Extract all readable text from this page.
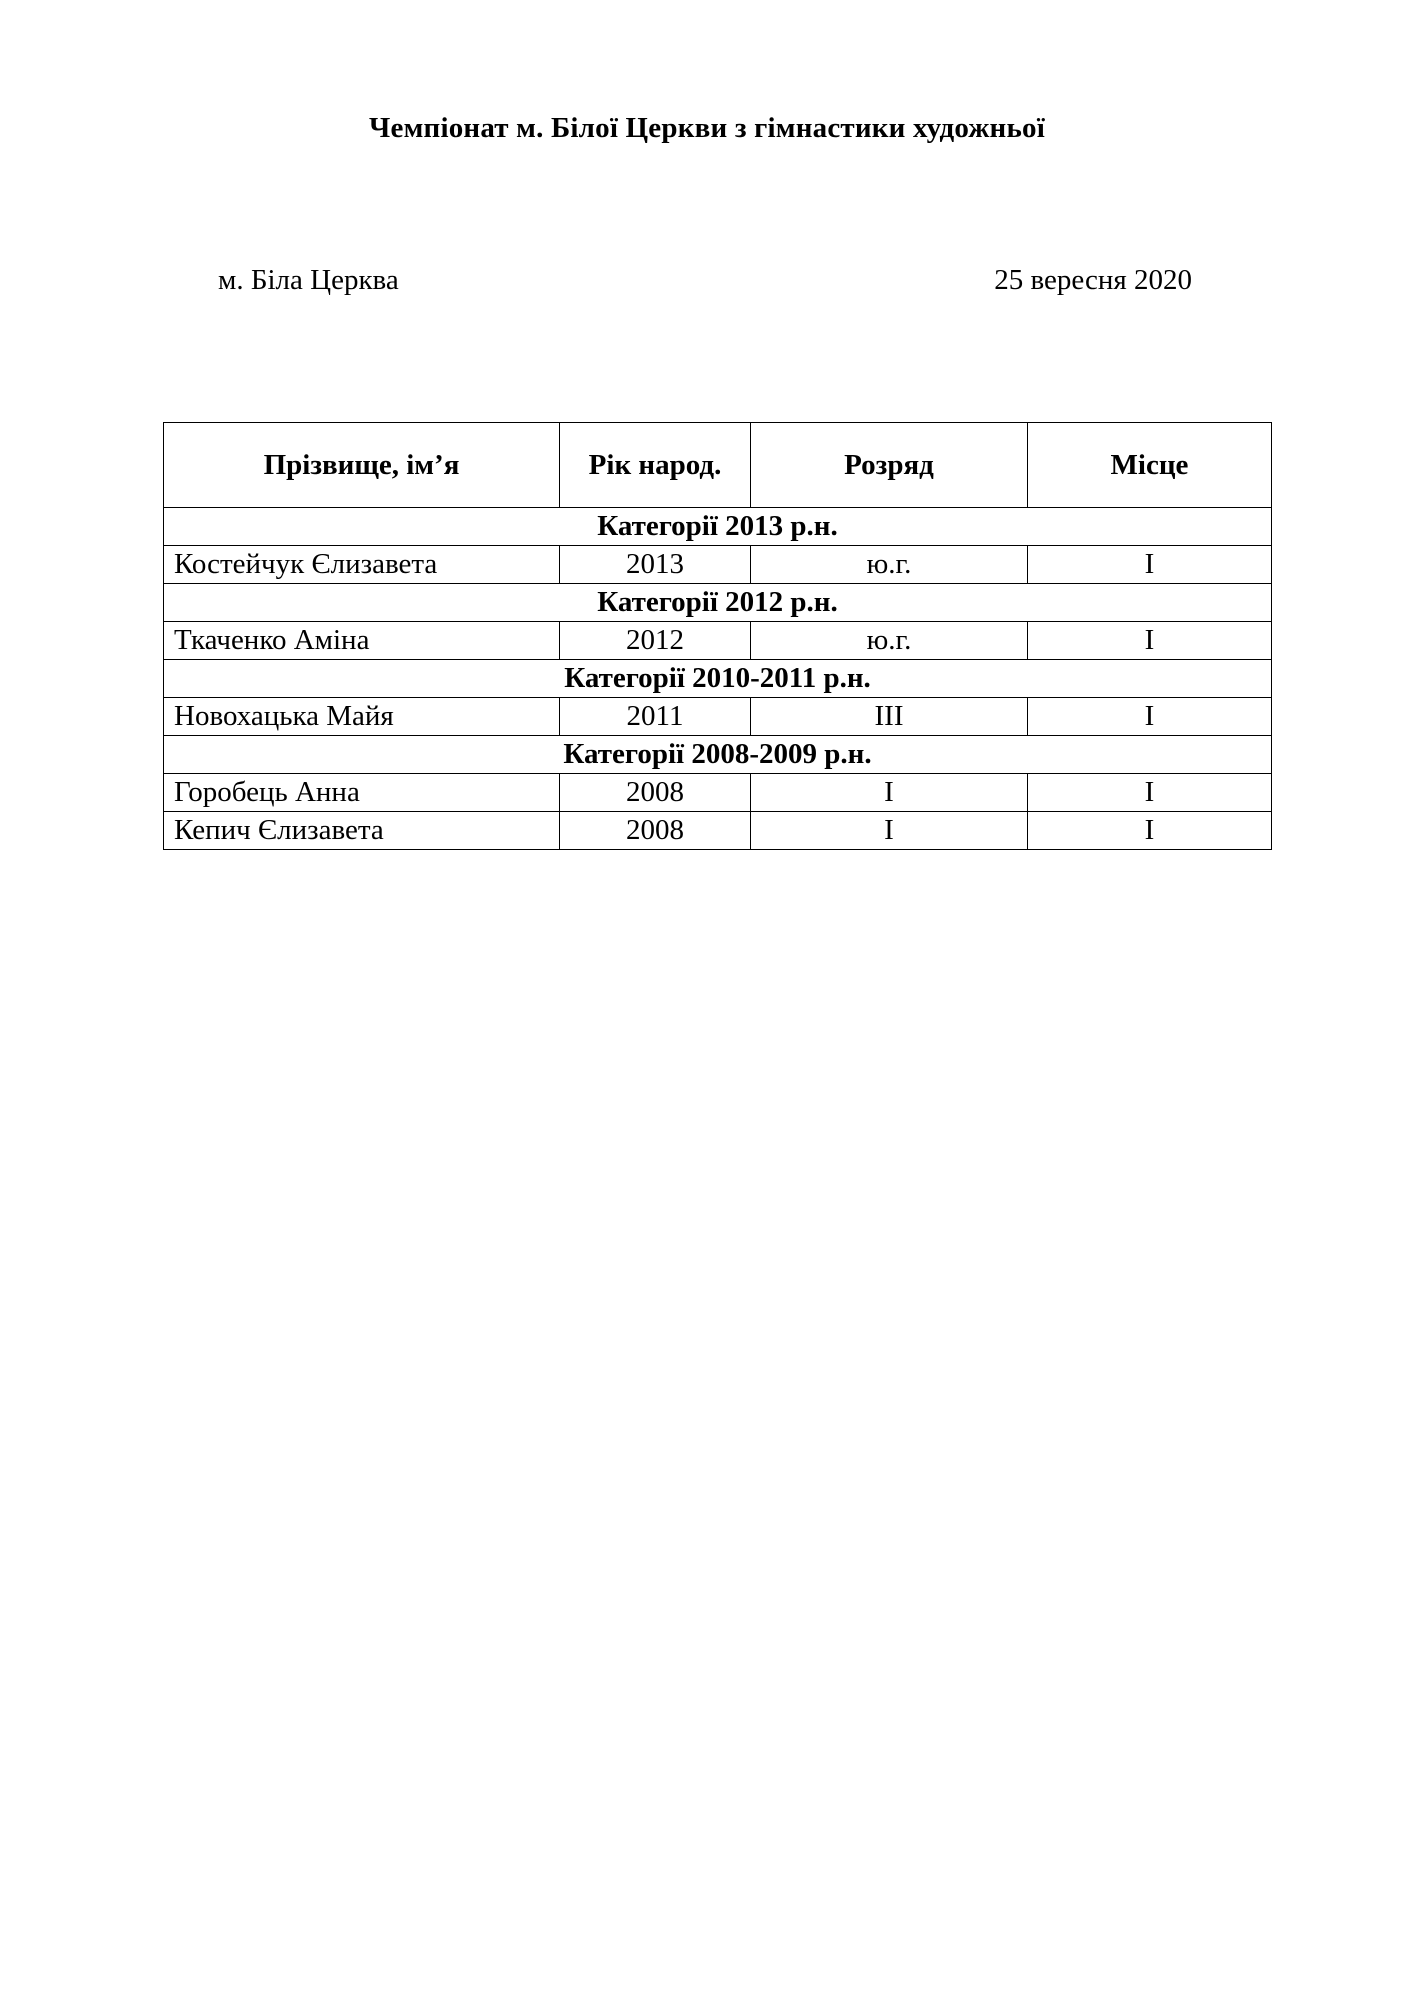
Чемпіонат м. Білої Церкви з гімнастики художньої
м. Біла Церква	25 вересня 2020
Прізвище, ім’я	Рік народ.	Розряд	Місце
Категорії 2013 р.н.			
Костейчук Єлизавета	2013	ю.г.	I
Категорії 2012 р.н.			
Ткаченко Аміна	2012	ю.г.	I
Категорії 2010-2011 р.н.			
Новохацька Майя	2011	III	I
Категорії 2008-2009 р.н.			
Горобець Анна	2008	I	I
Кепич Єлизавета	2008	I	I
